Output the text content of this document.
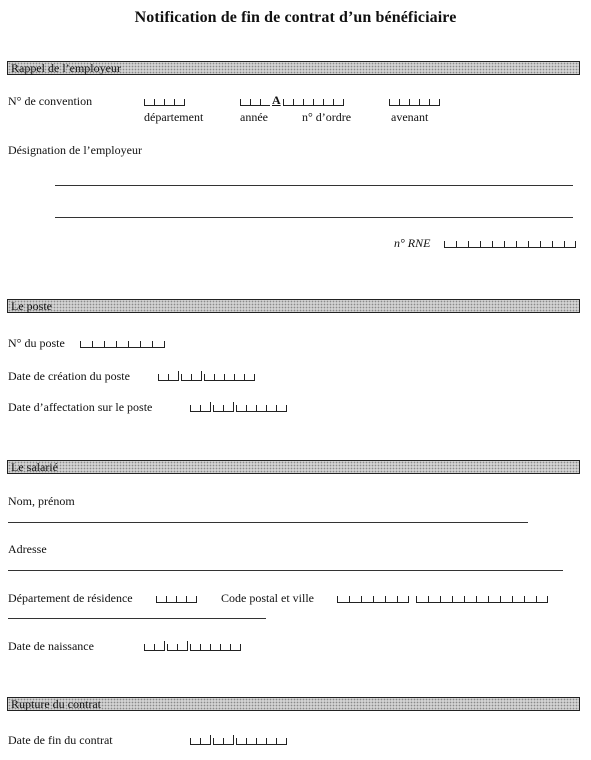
Notification de fin de contrat d’un bénéficiaire
Rappel de l’employeur
N° de convention
département
A
année	n° d’ordre	avenant
Désignation de l’employeur
n° RNE
Le poste
N° du poste
Date de création du poste
Date d’affectation sur le poste
Le salarié
Nom, prénom
Adresse
Département de résidence	Code postal et ville
Date de naissance
Rupture du contrat
Date de fin du contrat
